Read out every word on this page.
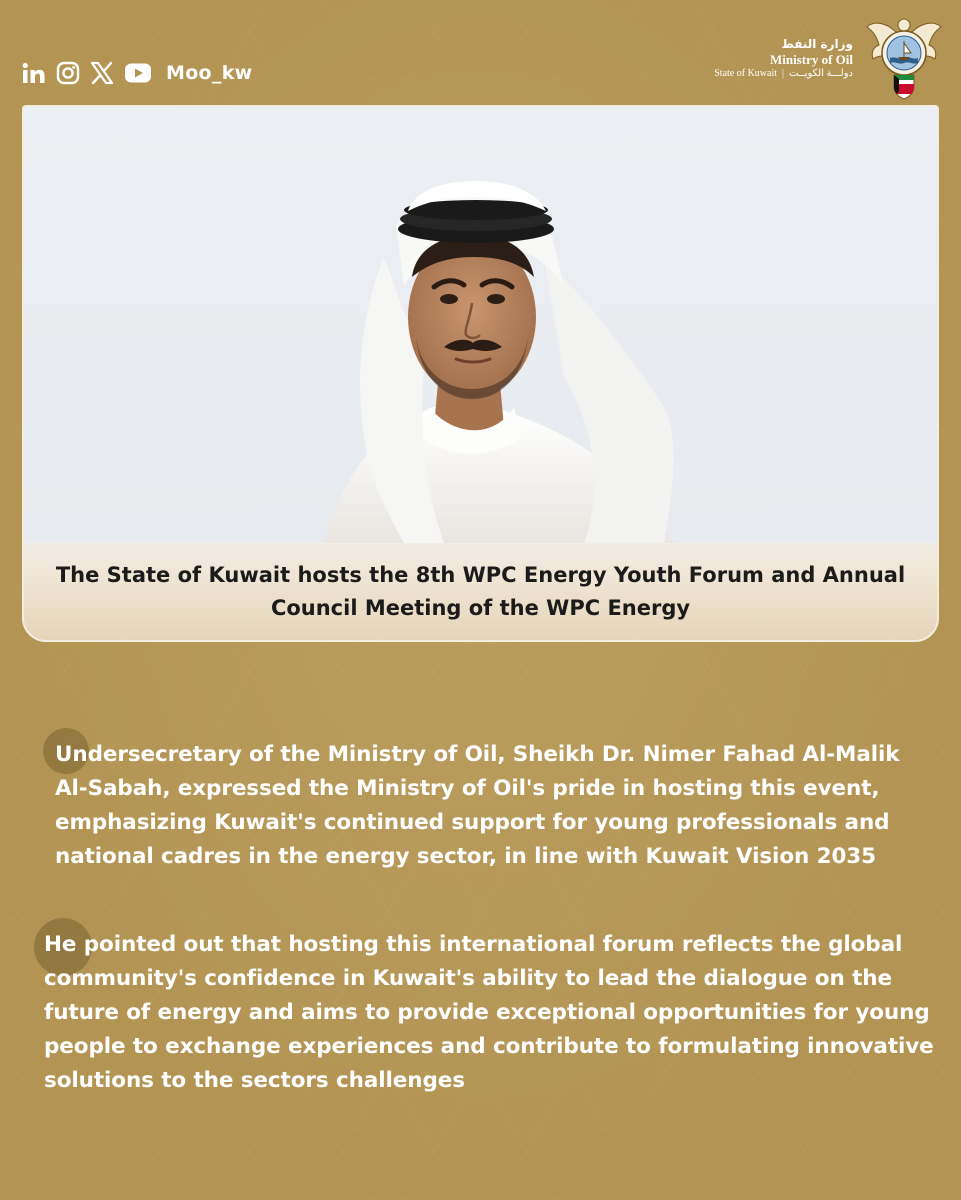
Moo_kw
وزارة النفط
Ministry of Oil
State of Kuwait | دولـــة الكويــت
The State of Kuwait hosts the 8th WPC Energy Youth Forum and Annual Council Meeting of the WPC Energy

Undersecretary of the Ministry of Oil, Sheikh Dr. Nimer Fahad Al-Malik Al-Sabah, expressed the Ministry of Oil's pride in hosting this event, emphasizing Kuwait's continued support for young professionals and national cadres in the energy sector, in line with Kuwait Vision 2035

He pointed out that hosting this international forum reflects the global community's confidence in Kuwait's ability to lead the dialogue on the future of energy and aims to provide exceptional opportunities for young people to exchange experiences and contribute to formulating innovative solutions to the sectors challenges
